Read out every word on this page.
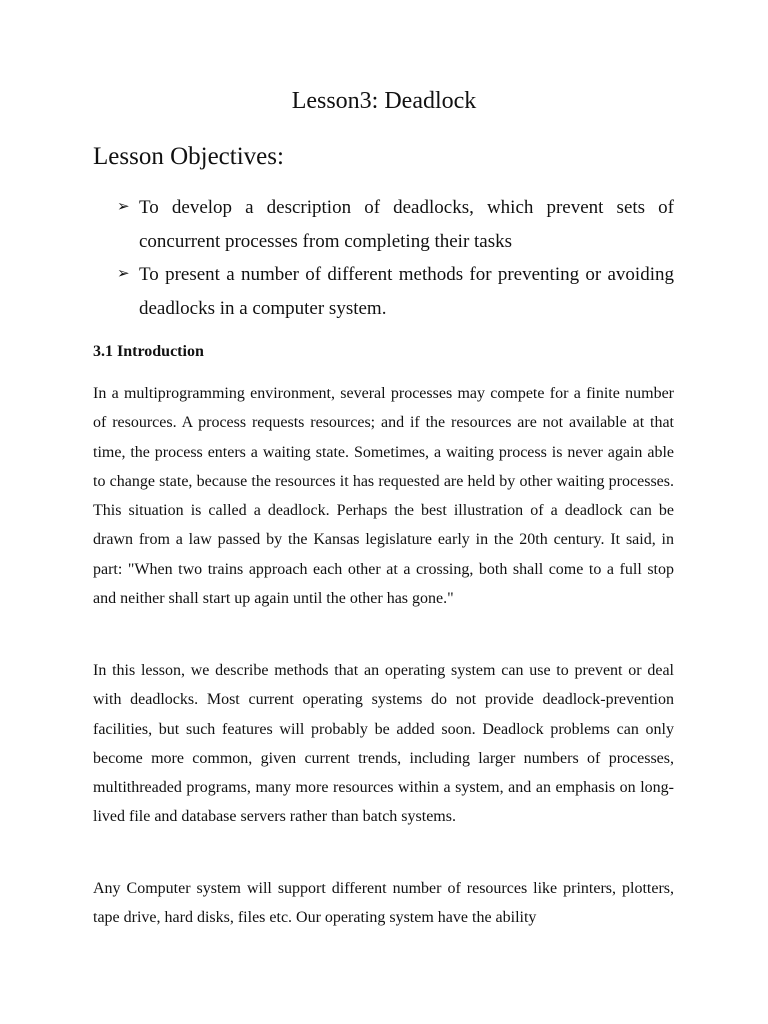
Lesson3: Deadlock
Lesson Objectives:
➢ To develop a description of deadlocks, which prevent sets of concurrent processes from completing their tasks
➢ To present a number of different methods for preventing or avoiding deadlocks in a computer system.
3.1 Introduction

In a multiprogramming environment, several processes may compete for a finite number of resources. A process requests resources; and if the resources are not available at that time, the process enters a waiting state. Sometimes, a waiting process is never again able to change state, because the resources it has requested are held by other waiting processes. This situation is called a deadlock. Perhaps the best illustration of a deadlock can be drawn from a law passed by the Kansas legislature early in the 20th century. It said, in part: "When two trains approach each other at a crossing, both shall come to a full stop and neither shall start up again until the other has gone."

In this lesson, we describe methods that an operating system can use to prevent or deal with deadlocks. Most current operating systems do not provide deadlock-prevention facilities, but such features will probably be added soon. Deadlock problems can only become more common, given current trends, including larger numbers of processes, multithreaded programs, many more resources within a system, and an emphasis on long-lived file and database servers rather than batch systems.

Any Computer system will support different number of resources like printers, plotters, tape drive, hard disks, files etc. Our operating system have the ability
